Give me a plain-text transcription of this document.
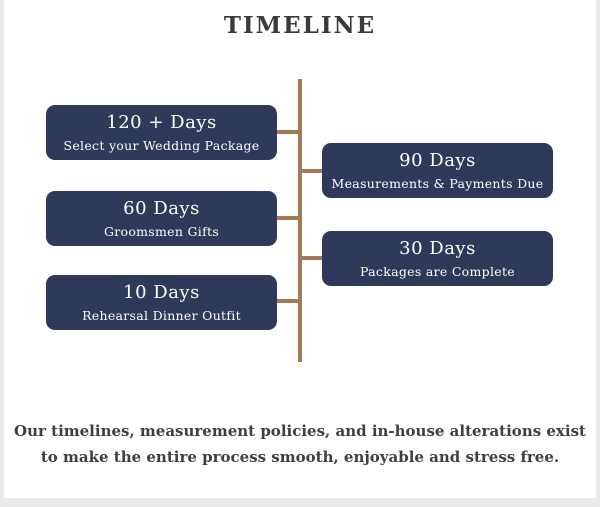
TIMELINE
120 + Days
Select your Wedding Package
60 Days
Groomsmen Gifts
10 Days
Rehearsal Dinner Outfit
90 Days
Measurements & Payments Due
30 Days
Packages are Complete
Our timelines, measurement policies, and in-house alterations exist
to make the entire process smooth, enjoyable and stress free.
